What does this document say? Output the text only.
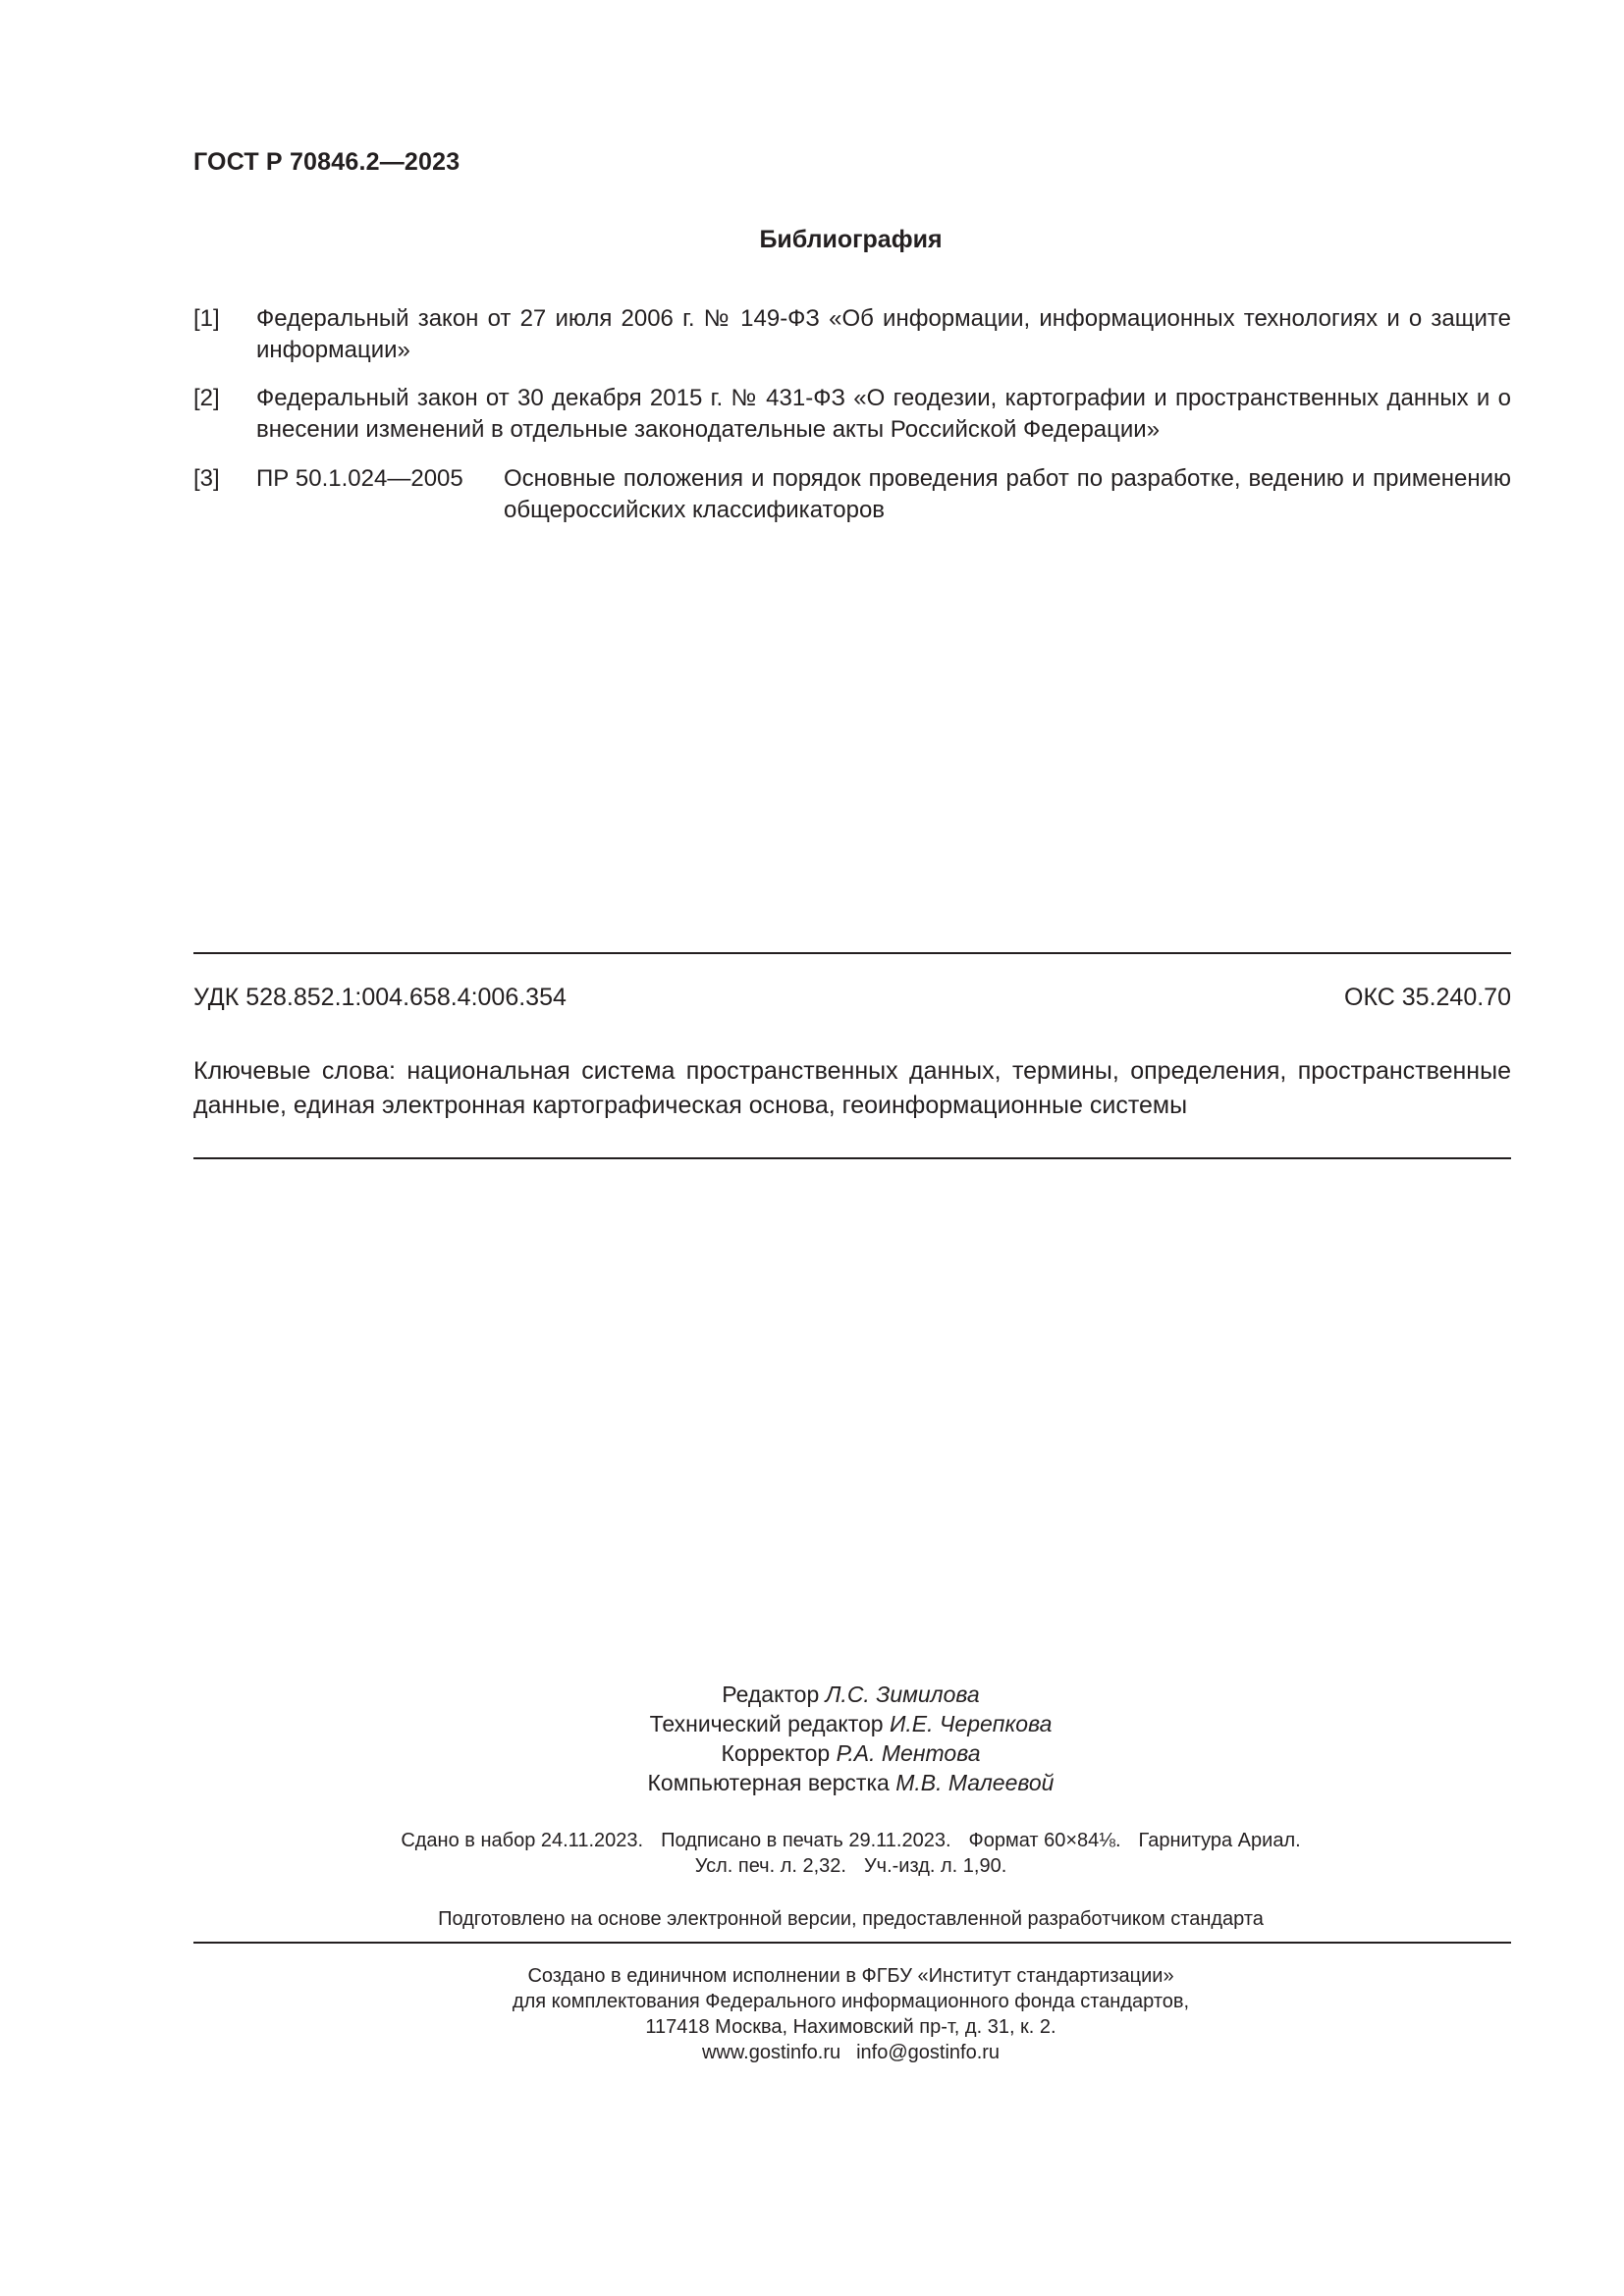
ГОСТ Р 70846.2—2023
Библиография
[1] Федеральный закон от 27 июля 2006 г. № 149-ФЗ «Об информации, информационных технологиях и о защите информации»
[2] Федеральный закон от 30 декабря 2015 г. № 431-ФЗ «О геодезии, картографии и пространственных данных и о внесении изменений в отдельные законодательные акты Российской Федерации»
[3] ПР 50.1.024—2005 Основные положения и порядок проведения работ по разработке, ведению и применению общероссийских классификаторов
УДК 528.852.1:004.658.4:006.354	ОКС 35.240.70
Ключевые слова: национальная система пространственных данных, термины, определения, пространственные данные, единая электронная картографическая основа, геоинформационные системы
Редактор Л.С. Зимилова
Технический редактор И.Е. Черепкова
Корректор Р.А. Ментова
Компьютерная верстка М.В. Малеевой
Сдано в набор 24.11.2023. Подписано в печать 29.11.2023. Формат 60×84⅛. Гарнитура Ариал.
Усл. печ. л. 2,32. Уч.-изд. л. 1,90.
Подготовлено на основе электронной версии, предоставленной разработчиком стандарта
Создано в единичном исполнении в ФГБУ «Институт стандартизации»
для комплектования Федерального информационного фонда стандартов,
117418 Москва, Нахимовский пр-т, д. 31, к. 2.
www.gostinfo.ru info@gostinfo.ru
